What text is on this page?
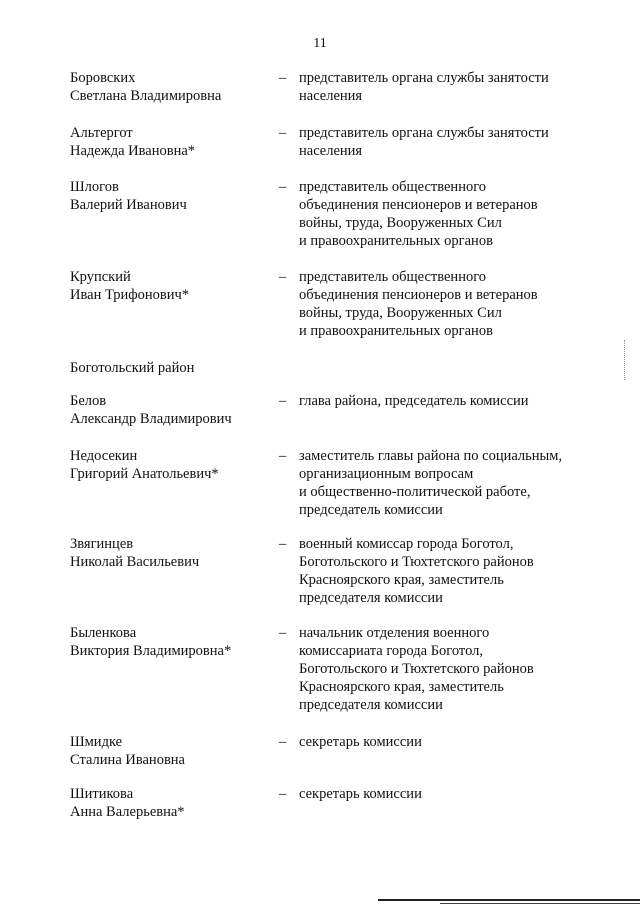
11
Боровских
Светлана Владимировна
– представитель органа службы занятости
населения
Альтергот
Надежда Ивановна*
– представитель органа службы занятости
населения
Шлогов
Валерий Иванович
– представитель общественного
объединения пенсионеров и ветеранов
войны, труда, Вооруженных Сил
и правоохранительных органов
Крупский
Иван Трифонович*
– представитель общественного
объединения пенсионеров и ветеранов
войны, труда, Вооруженных Сил
и правоохранительных органов
Боготольский район
Белов
Александр Владимирович
– глава района, председатель комиссии
Недосекин
Григорий Анатольевич*
– заместитель главы района по социальным,
организационным вопросам
и общественно-политической работе,
председатель комиссии
Звягинцев
Николай Васильевич
– военный комиссар города Боготол,
Боготольского и Тюхтетского районов
Красноярского края, заместитель
председателя комиссии
Быленкова
Виктория Владимировна*
– начальник отделения военного
комиссариата города Боготол,
Боготольского и Тюхтетского районов
Красноярского края, заместитель
председателя комиссии
Шмидке
Сталина Ивановна
– секретарь комиссии
Шитикова
Анна Валерьевна*
– секретарь комиссии
